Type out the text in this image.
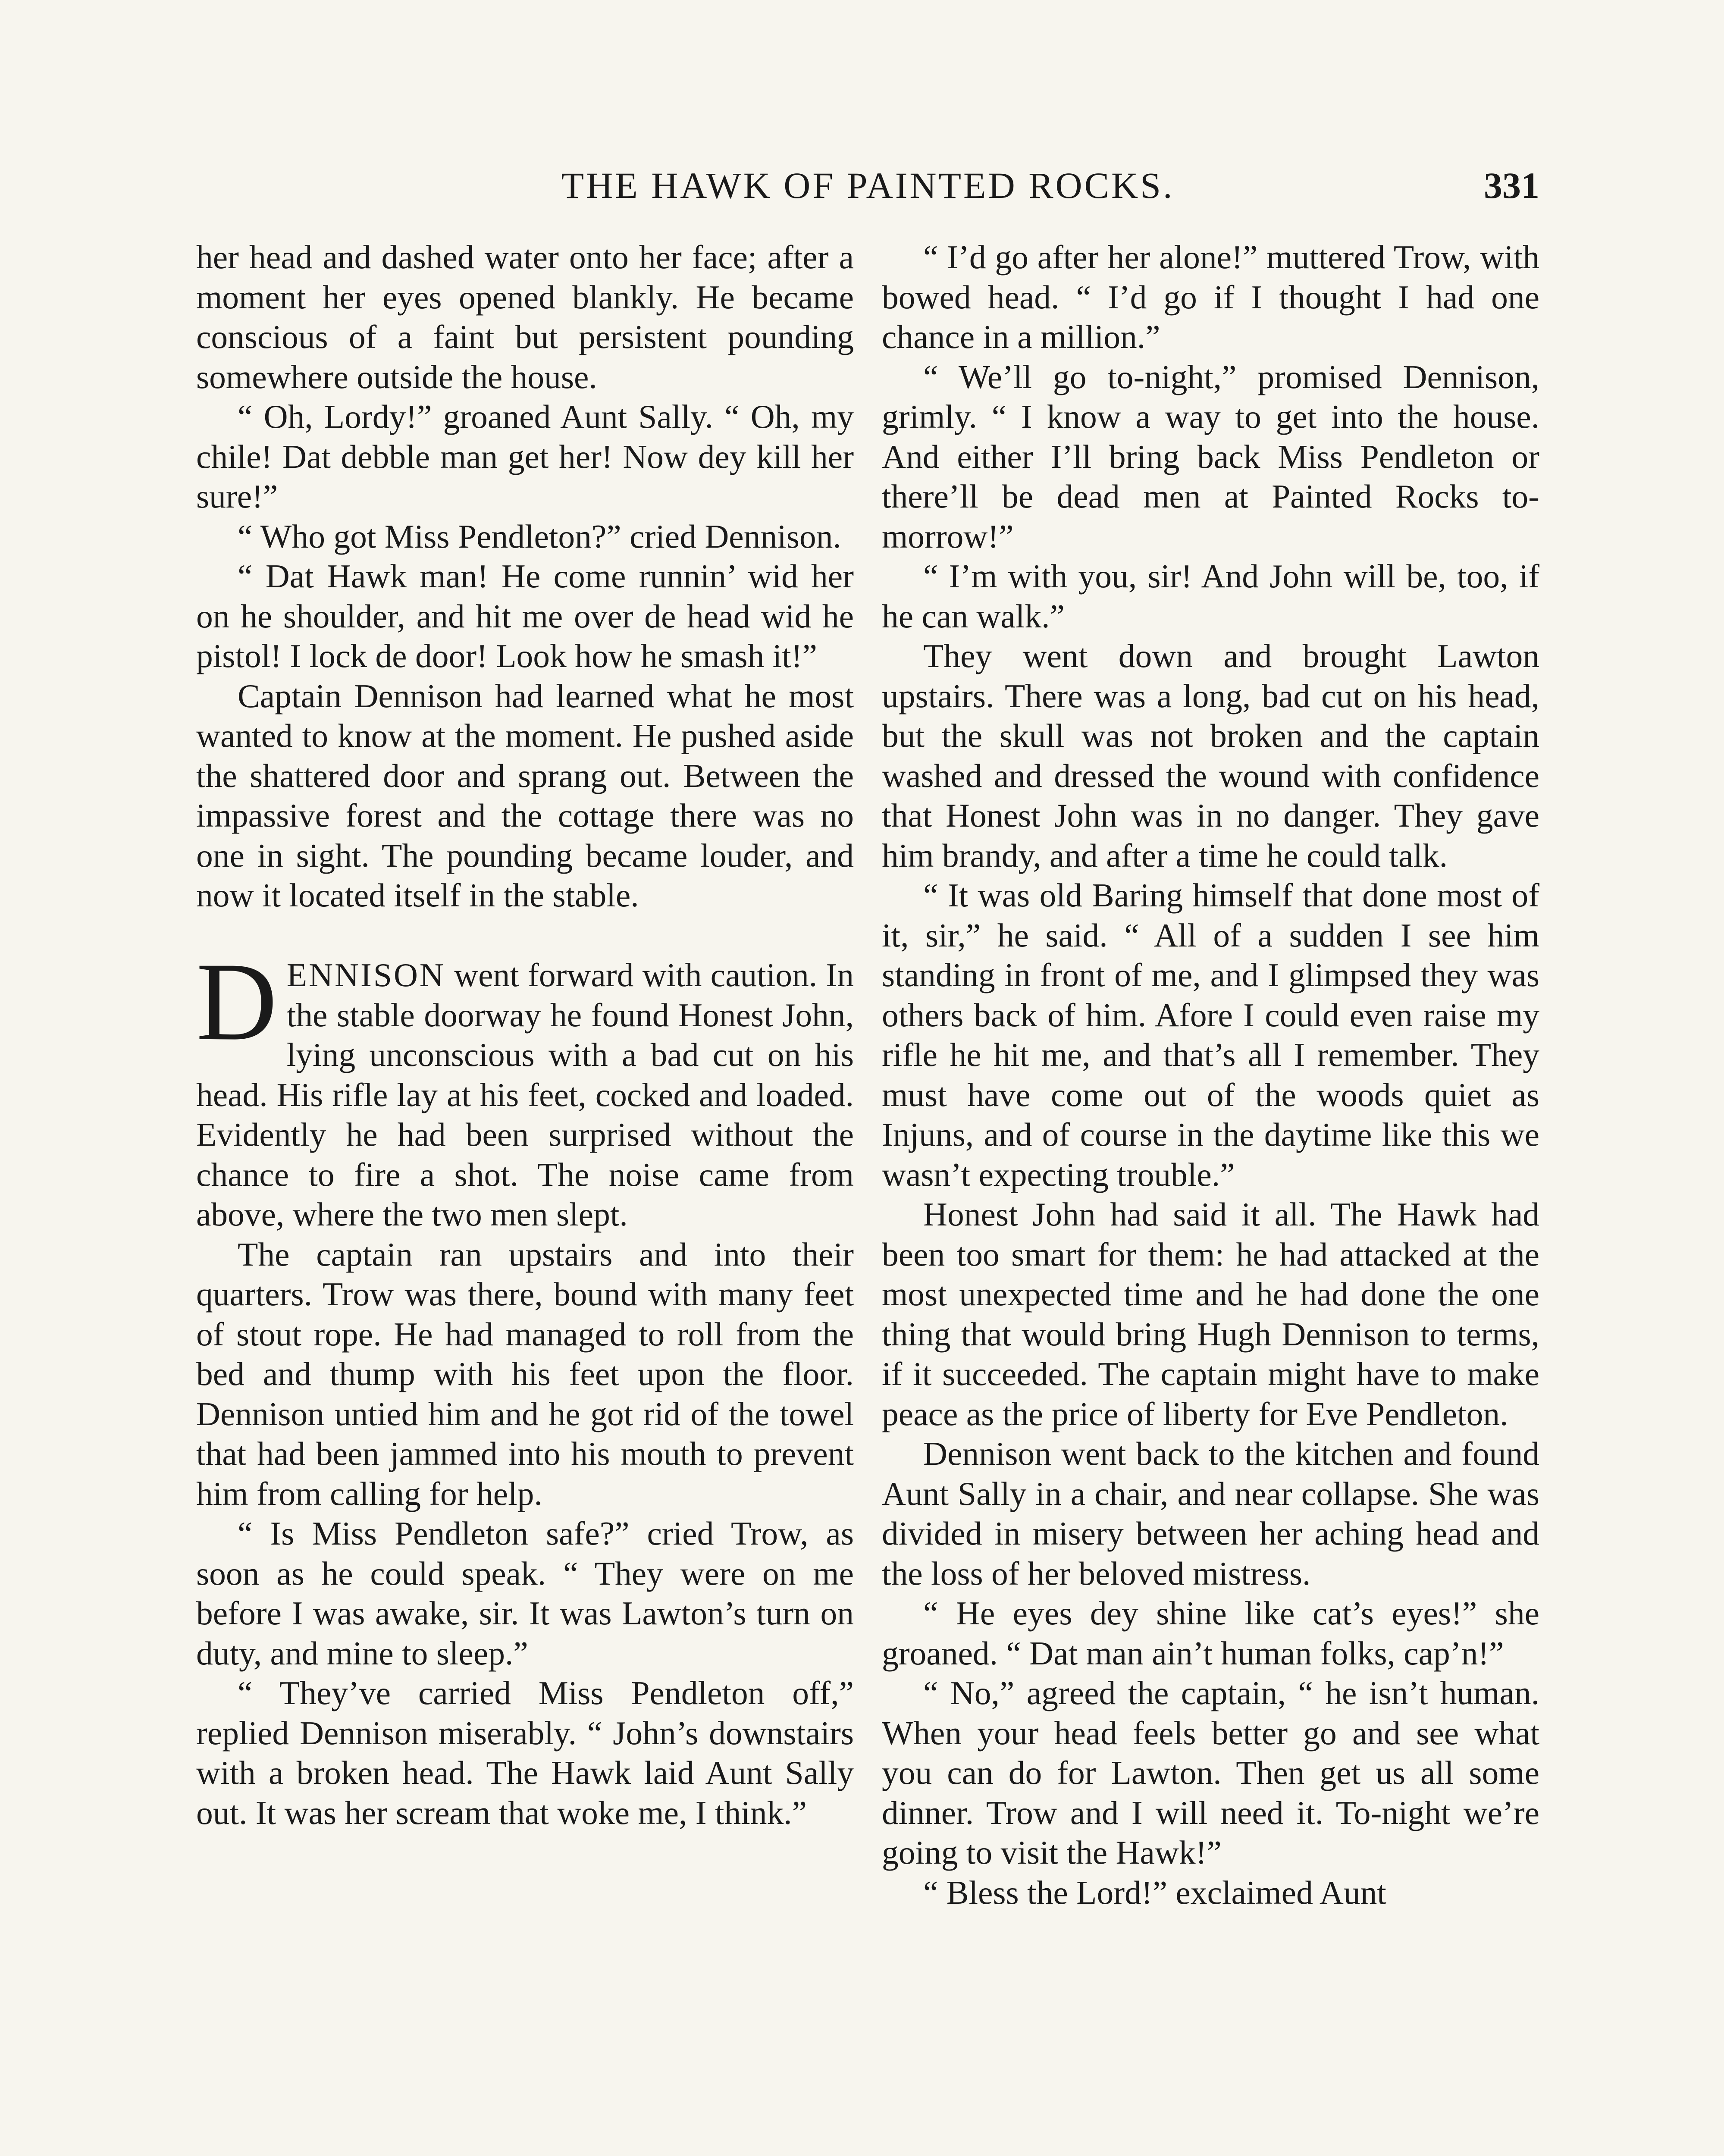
THE HAWK OF PAINTED ROCKS.	331

her head and dashed water onto her face; after a moment her eyes opened blankly. He became conscious of a faint but persistent pounding somewhere outside the house.

“ Oh, Lordy!” groaned Aunt Sally. “ Oh, my chile! Dat debble man get her! Now dey kill her sure!”

“ Who got Miss Pendleton?” cried Dennison.

“ Dat Hawk man! He come runnin’ wid her on he shoulder, and hit me over de head wid he pistol! I lock de door! Look how he smash it!”

Captain Dennison had learned what he most wanted to know at the moment. He pushed aside the shattered door and sprang out. Between the impassive forest and the cottage there was no one in sight. The pounding became louder, and now it located itself in the stable.

DENNISON went forward with caution. In the stable doorway he found Honest John, lying unconscious with a bad cut on his head. His rifle lay at his feet, cocked and loaded. Evidently he had been surprised without the chance to fire a shot. The noise came from above, where the two men slept.

The captain ran upstairs and into their quarters. Trow was there, bound with many feet of stout rope. He had managed to roll from the bed and thump with his feet upon the floor. Dennison untied him and he got rid of the towel that had been jammed into his mouth to prevent him from calling for help.

“ Is Miss Pendleton safe?” cried Trow, as soon as he could speak. “ They were on me before I was awake, sir. It was Lawton’s turn on duty, and mine to sleep.”

“ They’ve carried Miss Pendleton off,” replied Dennison miserably. “ John’s downstairs with a broken head. The Hawk laid Aunt Sally out. It was her scream that woke me, I think.”

“ I’d go after her alone!” muttered Trow, with bowed head. “ I’d go if I thought I had one chance in a million.”

“ We’ll go to-night,” promised Dennison, grimly. “ I know a way to get into the house. And either I’ll bring back Miss Pendleton or there’ll be dead men at Painted Rocks to-morrow!”

“ I’m with you, sir! And John will be, too, if he can walk.”

They went down and brought Lawton upstairs. There was a long, bad cut on his head, but the skull was not broken and the captain washed and dressed the wound with confidence that Honest John was in no danger. They gave him brandy, and after a time he could talk.

“ It was old Baring himself that done most of it, sir,” he said. “ All of a sudden I see him standing in front of me, and I glimpsed they was others back of him. Afore I could even raise my rifle he hit me, and that’s all I remember. They must have come out of the woods quiet as Injuns, and of course in the daytime like this we wasn’t expecting trouble.”

Honest John had said it all. The Hawk had been too smart for them: he had attacked at the most unexpected time and he had done the one thing that would bring Hugh Dennison to terms, if it succeeded. The captain might have to make peace as the price of liberty for Eve Pendleton.

Dennison went back to the kitchen and found Aunt Sally in a chair, and near collapse. She was divided in misery between her aching head and the loss of her beloved mistress.

“ He eyes dey shine like cat’s eyes!” she groaned. “ Dat man ain’t human folks, cap’n!”

“ No,” agreed the captain, “ he isn’t human. When your head feels better go and see what you can do for Lawton. Then get us all some dinner. Trow and I will need it. To-night we’re going to visit the Hawk!”

“ Bless the Lord!” exclaimed Aunt
